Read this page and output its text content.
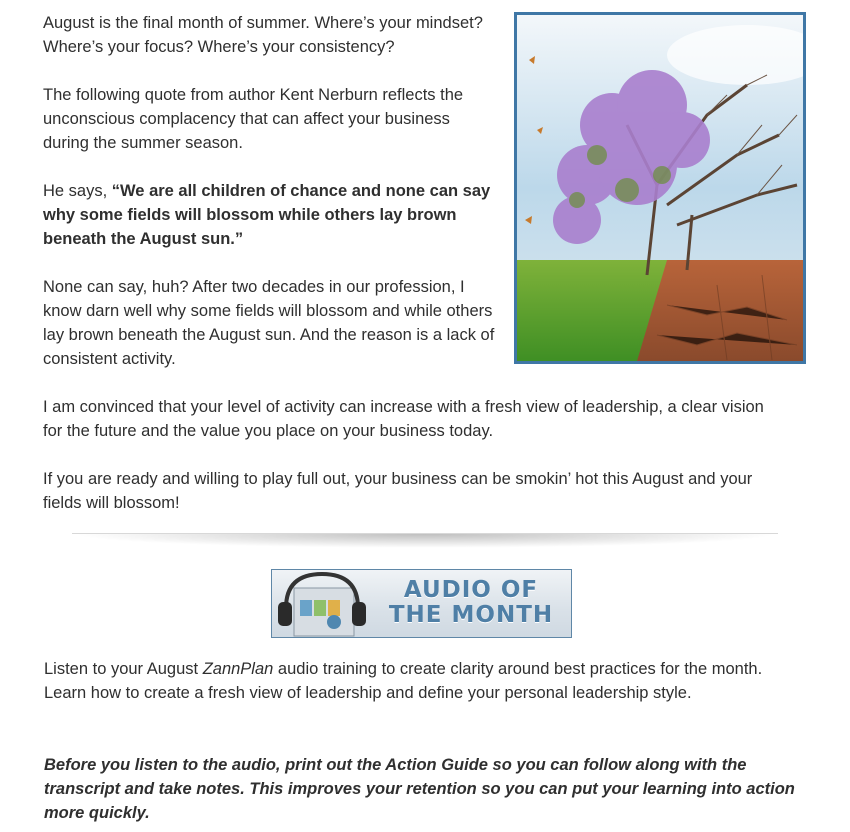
August is the final month of summer. Where’s your mindset? Where’s your focus? Where’s your consistency?

The following quote from author Kent Nerburn reflects the unconscious complacency that can affect your business during the summer season.

He says, “We are all children of chance and none can say why some fields will blossom while others lay brown beneath the August sun.”

None can say, huh? After two decades in our profession, I know darn well why some fields will blossom and while others lay brown beneath the August sun. And the reason is a lack of consistent activity.

I am convinced that your level of activity can increase with a fresh view of leadership, a clear vision for the future and the value you place on your business today.

If you are ready and willing to play full out, your business can be smokin’ hot this August and your fields will blossom!

AUDIO OF
THE MONTH

Listen to your August ZannPlan audio training to create clarity around best practices for the month. Learn how to create a fresh view of leadership and define your personal leadership style.

Before you listen to the audio, print out the Action Guide so you can follow along with the transcript and take notes. This improves your retention so you can put your learning into action more quickly.
